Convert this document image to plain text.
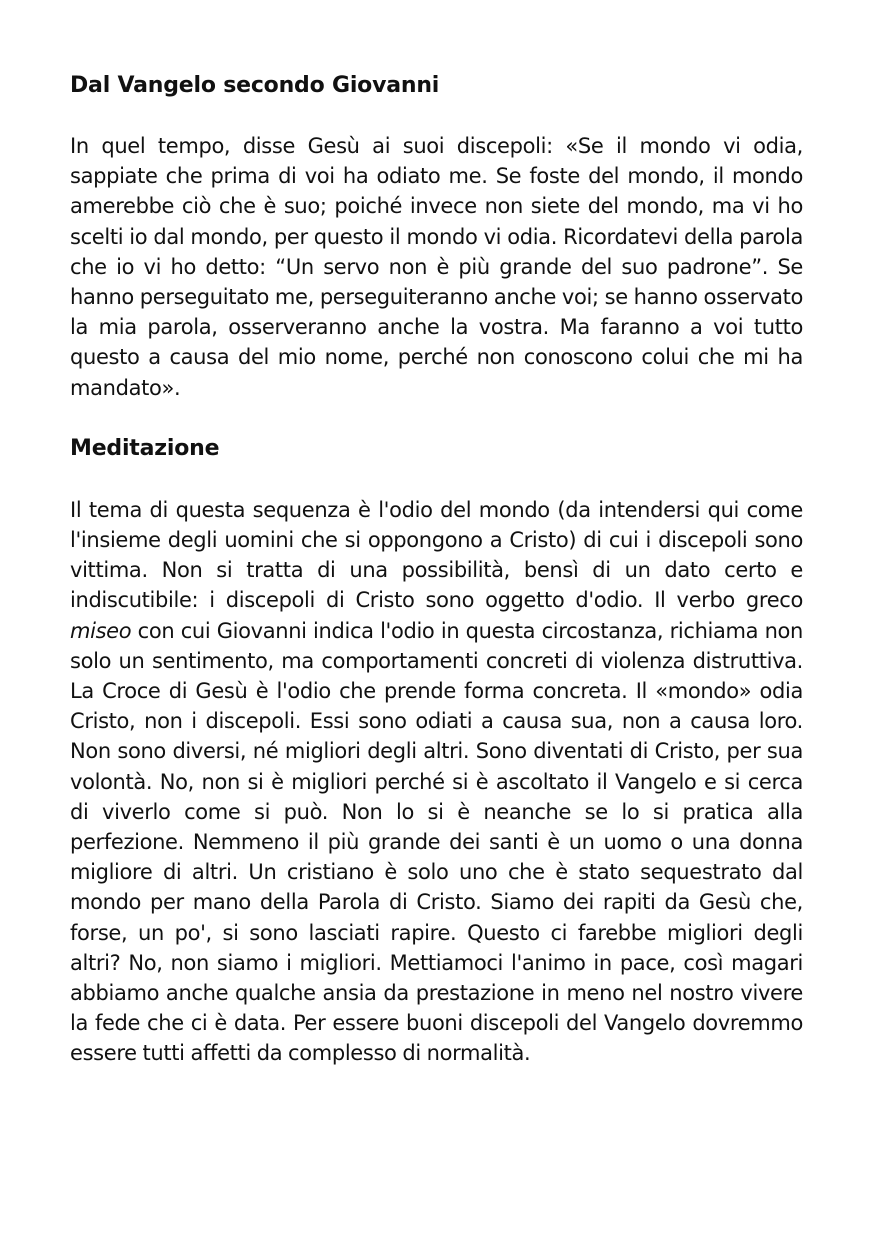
Dal Vangelo secondo Giovanni

In quel tempo, disse Gesù ai suoi discepoli: «Se il mondo vi odia, sappiate che prima di voi ha odiato me. Se foste del mondo, il mondo amerebbe ciò che è suo; poiché invece non siete del mondo, ma vi ho scelti io dal mondo, per questo il mondo vi odia. Ricordatevi della parola che io vi ho detto: “Un servo non è più grande del suo padrone”. Se hanno perseguitato me, perseguiteranno anche voi; se hanno osservato la mia parola, osserveranno anche la vostra. Ma faranno a voi tutto questo a causa del mio nome, perché non conoscono colui che mi ha mandato».

Meditazione

Il tema di questa sequenza è l'odio del mondo (da intendersi qui come l'insieme degli uomini che si oppongono a Cristo) di cui i discepoli sono vittima. Non si tratta di una possibilità, bensì di un dato certo e indiscutibile: i discepoli di Cristo sono oggetto d'odio. Il verbo greco miseo con cui Giovanni indica l'odio in questa circostanza, richiama non solo un sentimento, ma comportamenti concreti di violenza distruttiva. La Croce di Gesù è l'odio che prende forma concreta. Il «mondo» odia Cristo, non i discepoli. Essi sono odiati a causa sua, non a causa loro. Non sono diversi, né migliori degli altri. Sono diventati di Cristo, per sua volontà. No, non si è migliori perché si è ascoltato il Vangelo e si cerca di viverlo come si può. Non lo si è neanche se lo si pratica alla perfezione. Nemmeno il più grande dei santi è un uomo o una donna migliore di altri. Un cristiano è solo uno che è stato sequestrato dal mondo per mano della Parola di Cristo. Siamo dei rapiti da Gesù che, forse, un po', si sono lasciati rapire. Questo ci farebbe migliori degli altri? No, non siamo i migliori. Mettiamoci l'animo in pace, così magari abbiamo anche qualche ansia da prestazione in meno nel nostro vivere la fede che ci è data. Per essere buoni discepoli del Vangelo dovremmo essere tutti affetti da complesso di normalità.
